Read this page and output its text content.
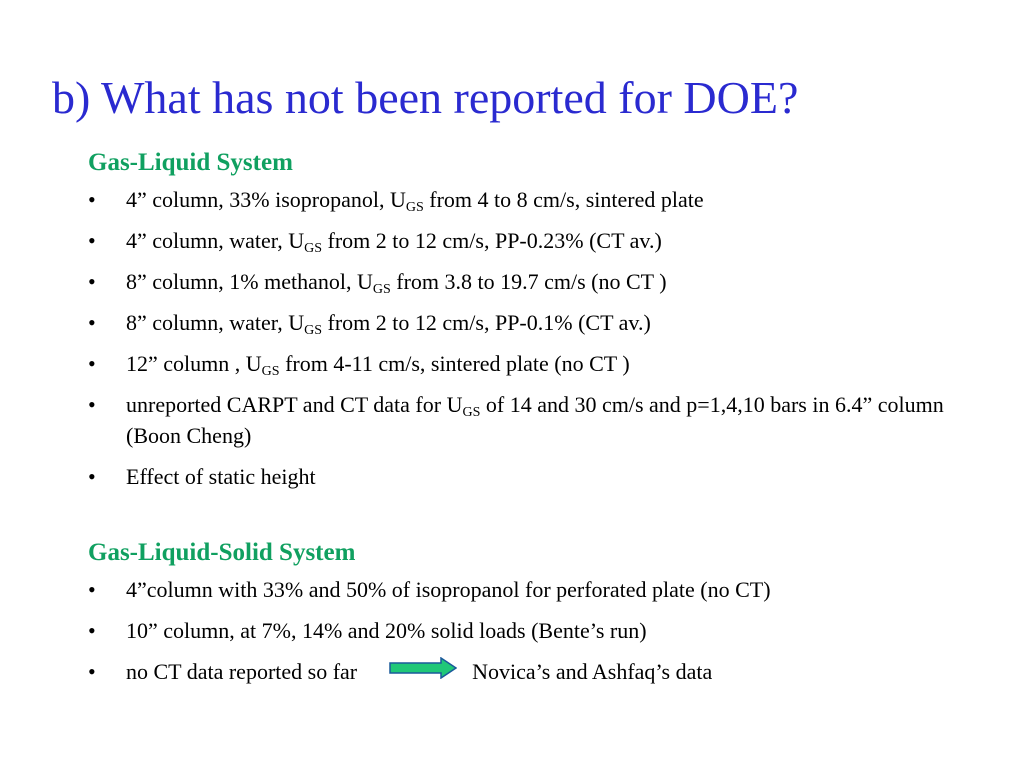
b) What has not been reported for DOE?
Gas-Liquid System
• 4” column, 33% isopropanol, $U_{GS}$ from 4 to 8 cm/s, sintered plate
• 4” column, water, $U_{GS}$ from 2 to 12 cm/s, PP-0.23% (CT av.)
• 8” column, 1% methanol, $U_{GS}$ from 3.8 to 19.7 cm/s (no CT )
• 8” column, water, $U_{GS}$ from 2 to 12 cm/s, PP-0.1% (CT av.)
• 12” column , $U_{GS}$ from 4-11 cm/s, sintered plate (no CT )
• unreported CARPT and CT data for $U_{GS}$ of 14 and 30 cm/s and p=1,4,10 bars in 6.4” column (Boon Cheng)
• Effect of static height
Gas-Liquid-Solid System
• 4”column with 33% and 50% of isopropanol for perforated plate (no CT)
• 10” column, at 7%, 14% and 20% solid loads (Bente’s run)
• no CT data reported so far	Novica’s and Ashfaq’s data
